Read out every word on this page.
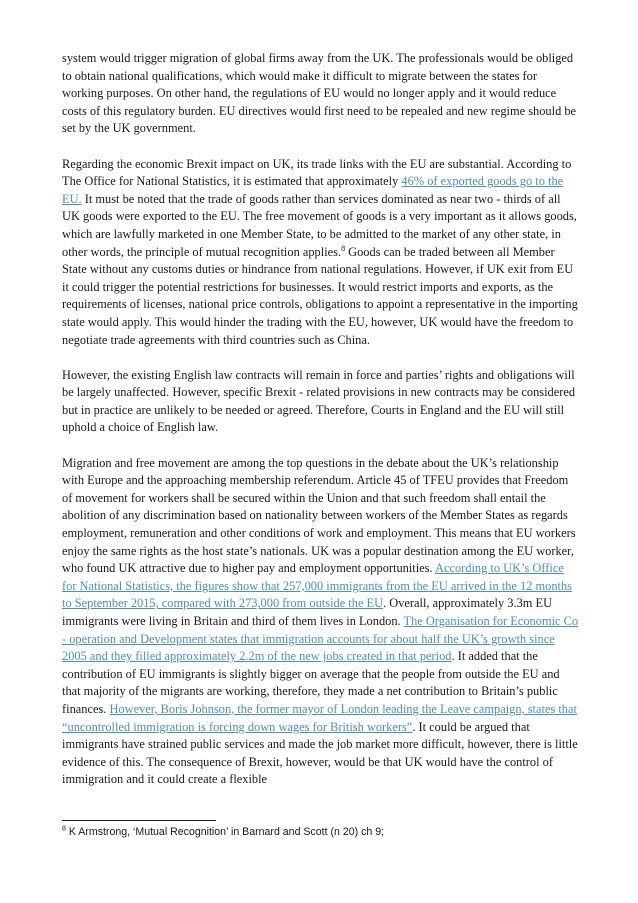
system would trigger migration of global firms away from the UK. The professionals would be obliged to obtain national qualifications, which would make it difficult to migrate between the states for working purposes. On other hand, the regulations of EU would no longer apply and it would reduce costs of this regulatory burden. EU directives would first need to be repealed and new regime should be set by the UK government.

Regarding the economic Brexit impact on UK, its trade links with the EU are substantial. According to The Office for National Statistics, it is estimated that approximately 46% of exported goods go to the EU. It must be noted that the trade of goods rather than services dominated as near two - thirds of all UK goods were exported to the EU. The free movement of goods is a very important as it allows goods, which are lawfully marketed in one Member State, to be admitted to the market of any other state, in other words, the principle of mutual recognition applies.$^8$ Goods can be traded between all Member State without any customs duties or hindrance from national regulations. However, if UK exit from EU it could trigger the potential restrictions for businesses. It would restrict imports and exports, as the requirements of licenses, national price controls, obligations to appoint a representative in the importing state would apply. This would hinder the trading with the EU, however, UK would have the freedom to negotiate trade agreements with third countries such as China.

However, the existing English law contracts will remain in force and parties’ rights and obligations will be largely unaffected. However, specific Brexit - related provisions in new contracts may be considered but in practice are unlikely to be needed or agreed. Therefore, Courts in England and the EU will still uphold a choice of English law.

Migration and free movement are among the top questions in the debate about the UK’s relationship with Europe and the approaching membership referendum. Article 45 of TFEU provides that Freedom of movement for workers shall be secured within the Union and that such freedom shall entail the abolition of any discrimination based on nationality between workers of the Member States as regards employment, remuneration and other conditions of work and employment. This means that EU workers enjoy the same rights as the host state’s nationals. UK was a popular destination among the EU worker, who found UK attractive due to higher pay and employment opportunities. According to UK’s Office for National Statistics, the figures show that 257,000 immigrants from the EU arrived in the 12 months to September 2015, compared with 273,000 from outside the EU. Overall, approximately 3.3m EU immigrants were living in Britain and third of them lives in London. The Organisation for Economic Co - operation and Development states that immigration accounts for about half the UK’s growth since 2005 and they filled approximately 2.2m of the new jobs created in that period. It added that the contribution of EU immigrants is slightly bigger on average that the people from outside the EU and that majority of the migrants are working, therefore, they made a net contribution to Britain’s public finances. However, Boris Johnson, the former mayor of London leading the Leave campaign, states that “uncontrolled immigration is forcing down wages for British workers”. It could be argued that immigrants have strained public services and made the job market more difficult, however, there is little evidence of this. The consequence of Brexit, however, would be that UK would have the control of immigration and it could create a flexible

$^8$ K Armstrong, ‘Mutual Recognition’ in Barnard and Scott (n 20) ch 9;
